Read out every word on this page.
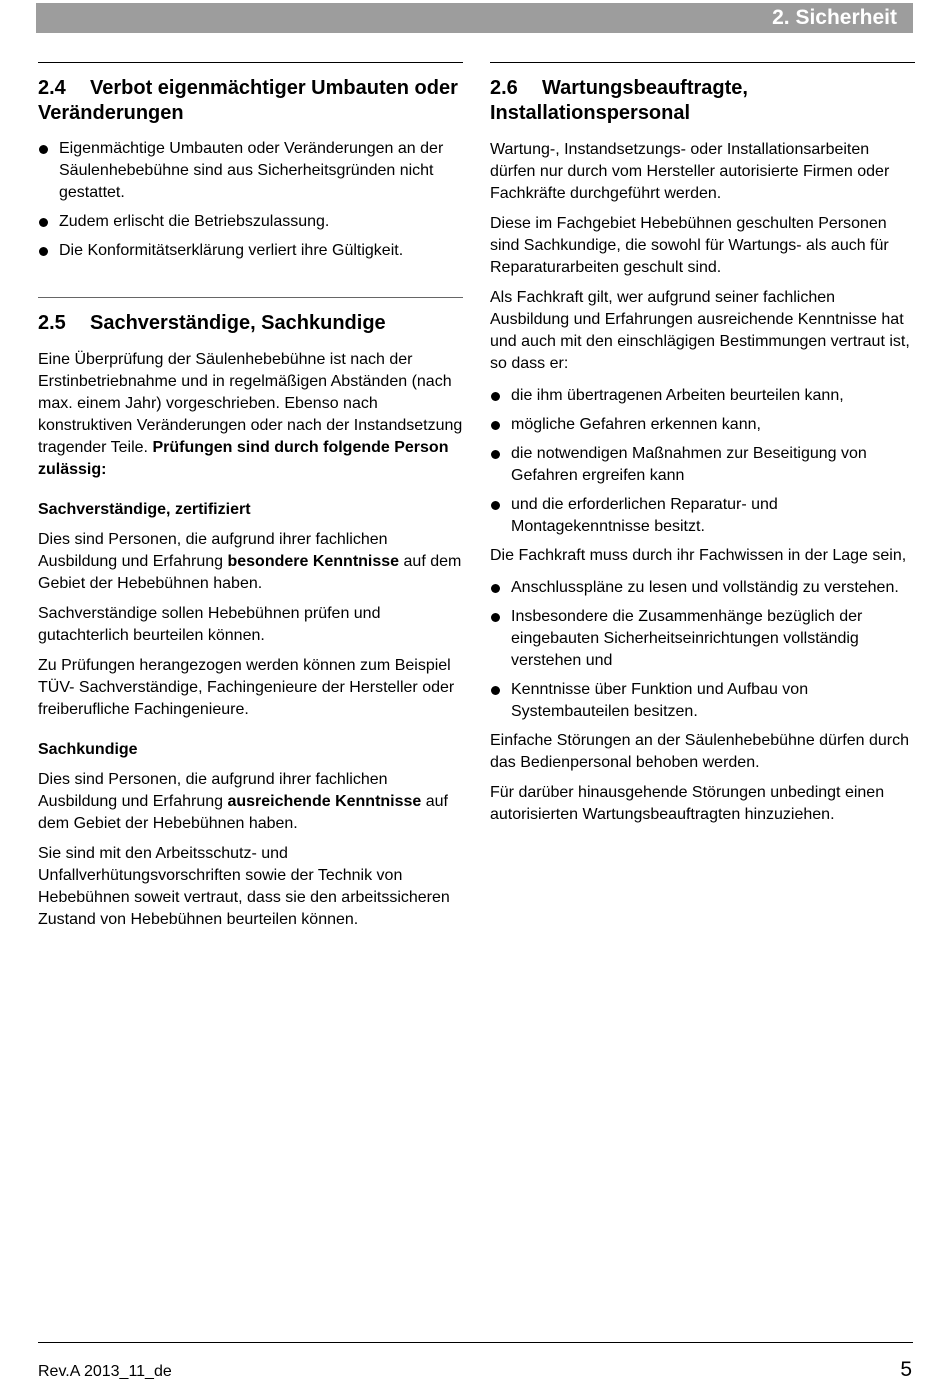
2. Sicherheit
2.4 Verbot eigenmächtiger Umbauten oder Veränderungen
Eigenmächtige Umbauten oder Veränderungen an der Säulenhebebühne sind aus Sicherheitsgründen nicht gestattet.
Zudem erlischt die Betriebszulassung.
Die Konformitätserklärung verliert ihre Gültigkeit.
2.5 Sachverständige, Sachkundige

Eine Überprüfung der Säulenhebebühne ist nach der Erstinbetriebnahme und in regelmäßigen Abständen (nach max. einem Jahr) vorgeschrieben. Ebenso nach konstruktiven Veränderungen oder nach der Instandsetzung tragender Teile. Prüfungen sind durch folgende Person zulässig:

Sachverständige, zertifiziert

Dies sind Personen, die aufgrund ihrer fachlichen Ausbildung und Erfahrung besondere Kenntnisse auf dem Gebiet der Hebebühnen haben.

Sachverständige sollen Hebebühnen prüfen und gutachterlich beurteilen können.

Zu Prüfungen herangezogen werden können zum Beispiel TÜV- Sachverständige, Fachingenieure der Hersteller oder freiberufliche Fachingenieure.

Sachkundige

Dies sind Personen, die aufgrund ihrer fachlichen Ausbildung und Erfahrung ausreichende Kenntnisse auf dem Gebiet der Hebebühnen haben.

Sie sind mit den Arbeitsschutz- und Unfallverhütungsvorschriften sowie der Technik von Hebebühnen soweit vertraut, dass sie den arbeitssicheren Zustand von Hebebühnen beurteilen können.

2.6 Wartungsbeauftragte, Installationspersonal

Wartung-, Instandsetzungs- oder Installationsarbeiten dürfen nur durch vom Hersteller autorisierte Firmen oder Fachkräfte durchgeführt werden.

Diese im Fachgebiet Hebebühnen geschulten Personen sind Sachkundige, die sowohl für Wartungs- als auch für Reparaturarbeiten geschult sind.

Als Fachkraft gilt, wer aufgrund seiner fachlichen Ausbildung und Erfahrungen ausreichende Kenntnisse hat und auch mit den einschlägigen Bestimmungen vertraut ist, so dass er:

die ihm übertragenen Arbeiten beurteilen kann,
mögliche Gefahren erkennen kann,
die notwendigen Maßnahmen zur Beseitigung von Gefahren ergreifen kann
und die erforderlichen Reparatur- und Montagekenntnisse besitzt.

Die Fachkraft muss durch ihr Fachwissen in der Lage sein,

Anschlusspläne zu lesen und vollständig zu verstehen.
Insbesondere die Zusammenhänge bezüglich der eingebauten Sicherheitseinrichtungen vollständig verstehen und
Kenntnisse über Funktion und Aufbau von Systembauteilen besitzen.

Einfache Störungen an der Säulenhebebühne dürfen durch das Bedienpersonal behoben werden.

Für darüber hinausgehende Störungen unbedingt einen autorisierten Wartungsbeauftragten hinzuziehen.

Rev.A 2013_11_de	5
